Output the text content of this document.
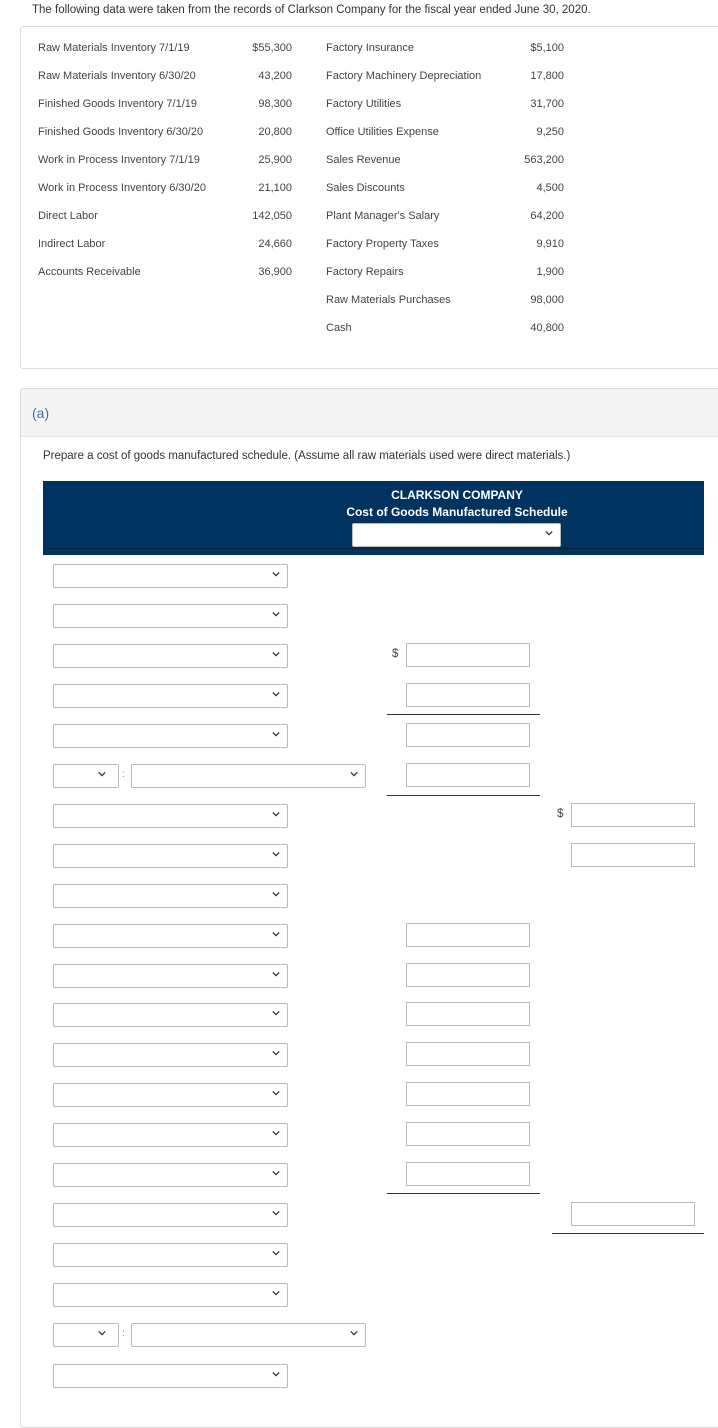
The following data were taken from the records of Clarkson Company for the fiscal year ended June 30, 2020.
Raw Materials Inventory 7/1/19	$55,300
Raw Materials Inventory 6/30/20	43,200
Finished Goods Inventory 7/1/19	98,300
Finished Goods Inventory 6/30/20	20,800
Work in Process Inventory 7/1/19	25,900
Work in Process Inventory 6/30/20	21,100
Direct Labor	142,050
Indirect Labor	24,660
Accounts Receivable	36,900
Factory Insurance	$5,100
Factory Machinery Depreciation	17,800
Factory Utilities	31,700
Office Utilities Expense	9,250
Sales Revenue	563,200
Sales Discounts	4,500
Plant Manager's Salary	64,200
Factory Property Taxes	9,910
Factory Repairs	1,900
Raw Materials Purchases	98,000
Cash	40,800
(a)
Prepare a cost of goods manufactured schedule. (Assume all raw materials used were direct materials.)
CLARKSON COMPANY
Cost of Goods Manufactured Schedule
:
:
$
$
